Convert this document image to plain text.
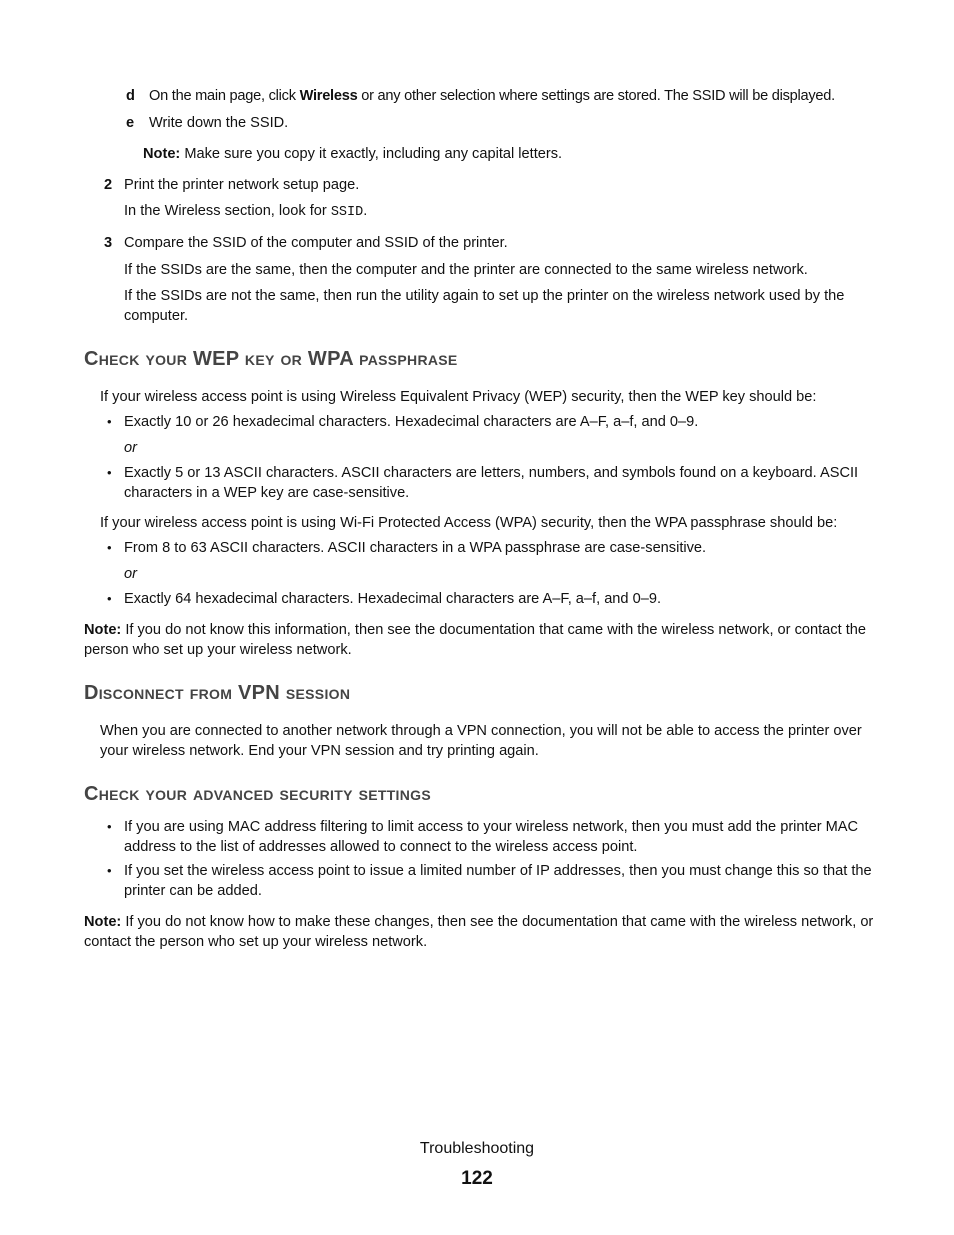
d On the main page, click Wireless or any other selection where settings are stored. The SSID will be displayed.
e Write down the SSID.
Note: Make sure you copy it exactly, including any capital letters.
2 Print the printer network setup page.
In the Wireless section, look for SSID.
3 Compare the SSID of the computer and SSID of the printer.
If the SSIDs are the same, then the computer and the printer are connected to the same wireless network.
If the SSIDs are not the same, then run the utility again to set up the printer on the wireless network used by the computer.
Check your WEP key or WPA passphrase
If your wireless access point is using Wireless Equivalent Privacy (WEP) security, then the WEP key should be:
• Exactly 10 or 26 hexadecimal characters. Hexadecimal characters are A–F, a–f, and 0–9.
or
• Exactly 5 or 13 ASCII characters. ASCII characters are letters, numbers, and symbols found on a keyboard. ASCII characters in a WEP key are case-sensitive.
If your wireless access point is using Wi-Fi Protected Access (WPA) security, then the WPA passphrase should be:
• From 8 to 63 ASCII characters. ASCII characters in a WPA passphrase are case-sensitive.
or
• Exactly 64 hexadecimal characters. Hexadecimal characters are A–F, a–f, and 0–9.
Note: If you do not know this information, then see the documentation that came with the wireless network, or contact the person who set up your wireless network.
Disconnect from VPN session
When you are connected to another network through a VPN connection, you will not be able to access the printer over your wireless network. End your VPN session and try printing again.
Check your advanced security settings
• If you are using MAC address filtering to limit access to your wireless network, then you must add the printer MAC address to the list of addresses allowed to connect to the wireless access point.
• If you set the wireless access point to issue a limited number of IP addresses, then you must change this so that the printer can be added.
Note: If you do not know how to make these changes, then see the documentation that came with the wireless network, or contact the person who set up your wireless network.
Troubleshooting
122
